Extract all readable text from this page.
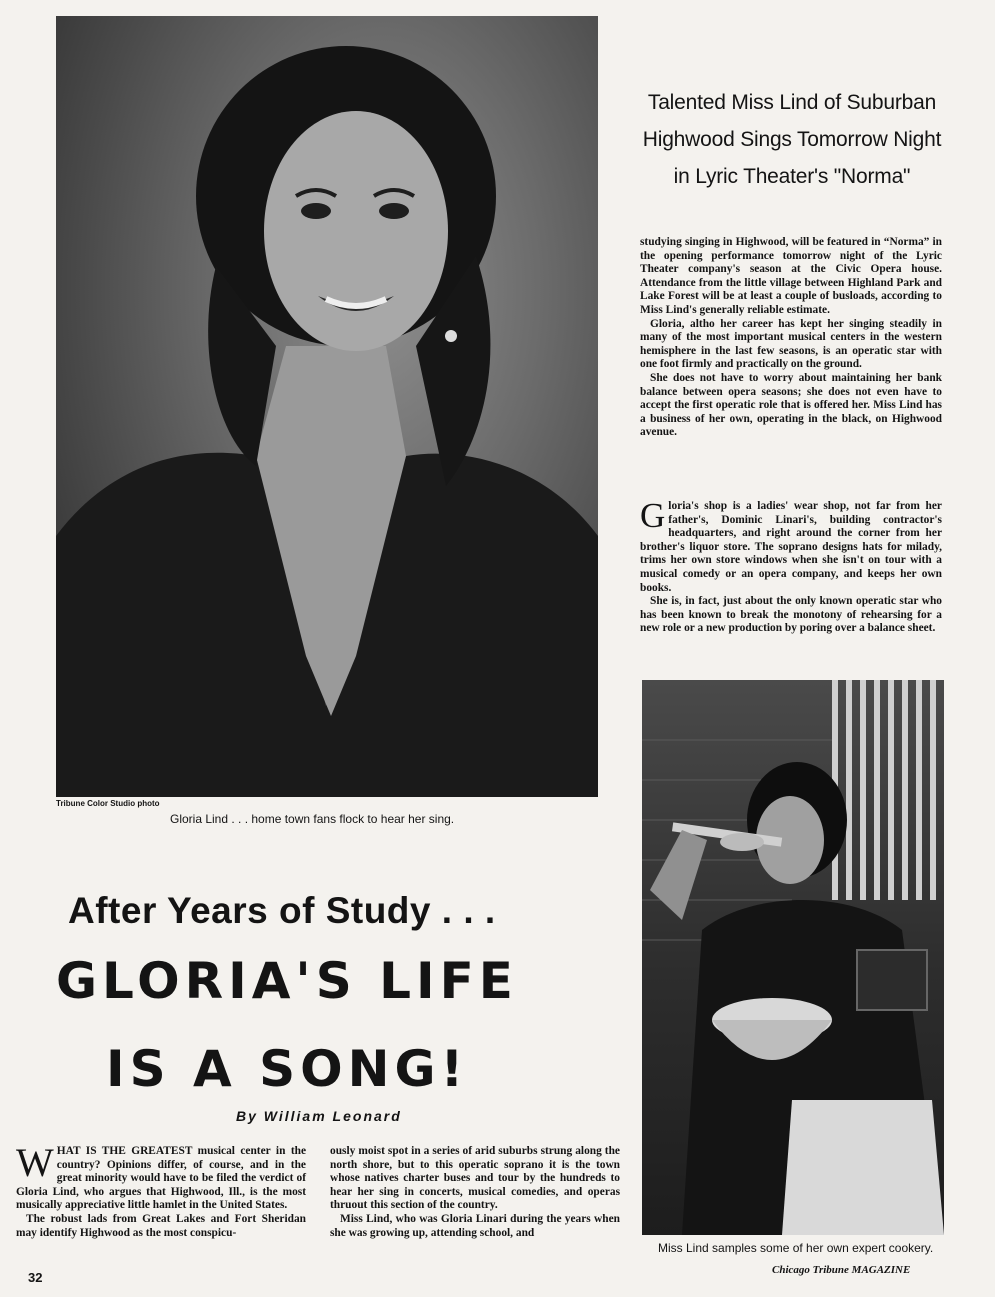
Tribune Color Studio photo
Gloria Lind . . . home town fans flock to hear her sing.
Talented Miss Lind of Suburban
Highwood Sings Tomorrow Night
in Lyric Theater's "Norma"

studying singing in Highwood, will be featured in “Norma” in the opening performance tomorrow night of the Lyric Theater company's season at the Civic Opera house. Attendance from the little village between Highland Park and Lake Forest will be at least a couple of busloads, according to Miss Lind's generally reliable estimate.

Gloria, altho her career has kept her singing steadily in many of the most important musical centers in the western hemisphere in the last few seasons, is an operatic star with one foot firmly and practically on the ground.

She does not have to worry about maintaining her bank balance between opera seasons; she does not even have to accept the first operatic role that is offered her. Miss Lind has a business of her own, operating in the black, on Highwood avenue.

Gloria's shop is a ladies' wear shop, not far from her father's, Dominic Linari's, building contractor's headquarters, and right around the corner from her brother's liquor store. The soprano designs hats for milady, trims her own store windows when she isn't on tour with a musical comedy or an opera company, and keeps her own books.

She is, in fact, just about the only known operatic star who has been known to break the monotony of rehearsing for a new role or a new production by poring over a balance sheet.

Miss Lind samples some of her own expert cookery.
After Years of Study . . .
GLORIA'S LIFE
IS A SONG!
By William Leonard

WHAT IS THE GREATEST musical center in the country? Opinions differ, of course, and in the great minority would have to be filed the verdict of Gloria Lind, who argues that Highwood, Ill., is the most musically appreciative little hamlet in the United States.

The robust lads from Great Lakes and Fort Sheridan may identify Highwood as the most conspicu-

ously moist spot in a series of arid suburbs strung along the north shore, but to this operatic soprano it is the town whose natives charter buses and tour by the hundreds to hear her sing in concerts, musical comedies, and operas thruout this section of the country.

Miss Lind, who was Gloria Linari during the years when she was growing up, attending school, and

32	Chicago Tribune MAGAZINE
